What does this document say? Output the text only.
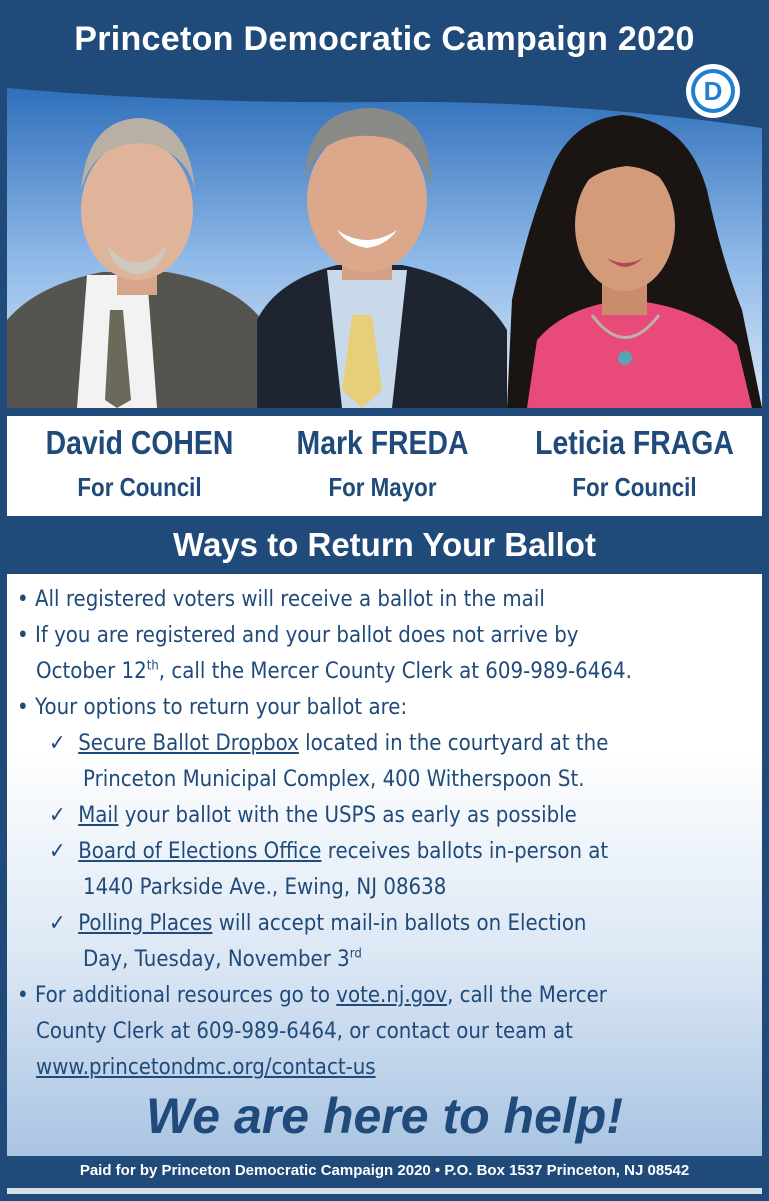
Princeton Democratic Campaign 2020
D
David COHEN
For Council
Mark FREDA
For Mayor
Leticia FRAGA
For Council
Ways to Return Your Ballot
• All registered voters will receive a ballot in the mail
• If you are registered and your ballot does not arrive by
October 12th, call the Mercer County Clerk at 609-989-6464.
• Your options to return your ballot are:
✓ Secure Ballot Dropbox located in the courtyard at the
Princeton Municipal Complex, 400 Witherspoon St.
✓ Mail your ballot with the USPS as early as possible
✓ Board of Elections Office receives ballots in-person at
1440 Parkside Ave., Ewing, NJ 08638
✓ Polling Places will accept mail-in ballots on Election
Day, Tuesday, November 3rd
• For additional resources go to vote.nj.gov, call the Mercer
County Clerk at 609-989-6464, or contact our team at
www.princetondmc.org/contact-us
We are here to help!
Paid for by Princeton Democratic Campaign 2020 • P.O. Box 1537 Princeton, NJ 08542
